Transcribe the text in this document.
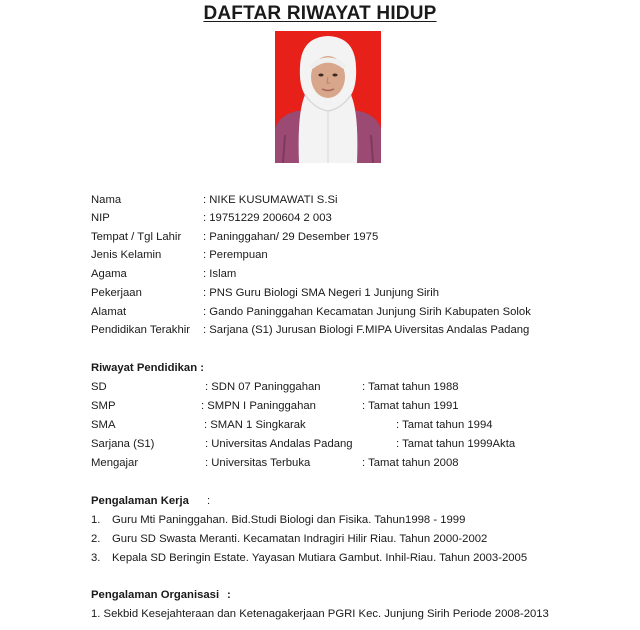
DAFTAR RIWAYAT HIDUP
Nama	: NIKE KUSUMAWATI S.Si
NIP	: 19751229 200604 2 003
Tempat / Tgl Lahir : Paninggahan/ 29 Desember 1975
Jenis Kelamin	: Perempuan
Agama	: Islam
Pekerjaan	: PNS Guru Biologi SMA Negeri 1 Junjung Sirih
Alamat	: Gando Paninggahan Kecamatan Junjung Sirih Kabupaten Solok
Pendidikan Terakhir : Sarjana (S1) Jurusan Biologi F.MIPA Uiversitas Andalas Padang
Riwayat Pendidikan :
SD	: SDN 07 Paninggahan	: Tamat tahun 1988
SMP	: SMPN I Paninggahan	: Tamat tahun 1991
SMA	: SMAN 1 Singkarak	: Tamat tahun 1994
Sarjana (S1)	: Universitas Andalas Padang	: Tamat tahun 1999Akta
Mengajar	: Universitas Terbuka	: Tamat tahun 2008
Pengalaman Kerja :
1. Guru Mti Paninggahan. Bid.Studi Biologi dan Fisika. Tahun1998 - 1999
2. Guru SD Swasta Meranti. Kecamatan Indragiri Hilir Riau. Tahun 2000-2002
3. Kepala SD Beringin Estate. Yayasan Mutiara Gambut. Inhil-Riau. Tahun 2003-2005
Pengalaman Organisasi :
1. Sekbid Kesejahteraan dan Ketenagakerjaan PGRI Kec. Junjung Sirih Periode 2008-2013
